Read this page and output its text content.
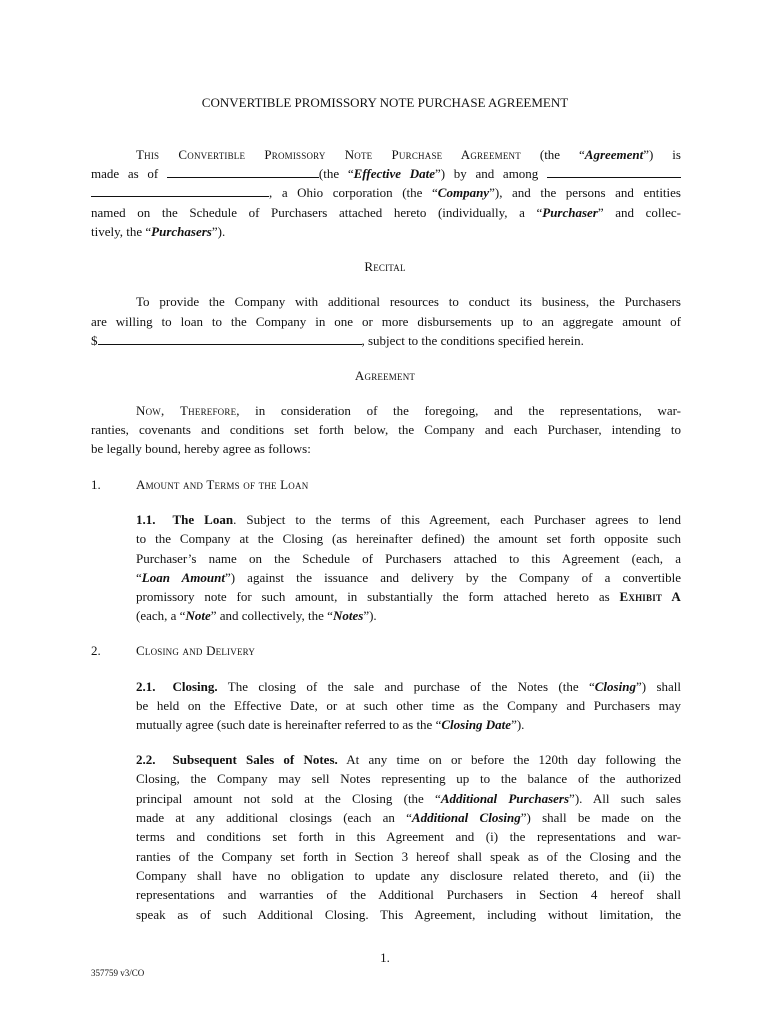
CONVERTIBLE PROMISSORY NOTE PURCHASE AGREEMENT
This Convertible Promissory Note Purchase Agreement (the “Agreement”) is
made as of	(the “Effective Date”) by and among
, a Ohio corporation (the “Company”), and the persons and entities
named on the Schedule of Purchasers attached hereto (individually, a “Purchaser” and collec-
tively, the “Purchasers”).
Recital
To provide the Company with additional resources to conduct its business, the Purchasers
are willing to loan to the Company in one or more disbursements up to an aggregate amount of
$	, subject to the conditions specified herein.
Agreement
Now, Therefore, in consideration of the foregoing, and the representations, war-
ranties, covenants and conditions set forth below, the Company and each Purchaser, intending to
be legally bound, hereby agree as follows:
1.	Amount and Terms of the Loan
1.1. The Loan. Subject to the terms of this Agreement, each Purchaser agrees to lend
to the Company at the Closing (as hereinafter defined) the amount set forth opposite such
Purchaser’s name on the Schedule of Purchasers attached to this Agreement (each, a
“Loan Amount”) against the issuance and delivery by the Company of a convertible
promissory note for such amount, in substantially the form attached hereto as Exhibit A
(each, a “Note” and collectively, the “Notes”).
2.	Closing and Delivery
2.1. Closing. The closing of the sale and purchase of the Notes (the “Closing”) shall
be held on the Effective Date, or at such other time as the Company and Purchasers may
mutually agree (such date is hereinafter referred to as the “Closing Date”).
2.2. Subsequent Sales of Notes. At any time on or before the 120th day following the
Closing, the Company may sell Notes representing up to the balance of the authorized
principal amount not sold at the Closing (the “Additional Purchasers”). All such sales
made at any additional closings (each an “Additional Closing”) shall be made on the
terms and conditions set forth in this Agreement and (i) the representations and war-
ranties of the Company set forth in Section 3 hereof shall speak as of the Closing and the
Company shall have no obligation to update any disclosure related thereto, and (ii) the
representations and warranties of the Additional Purchasers in Section 4 hereof shall
speak as of such Additional Closing. This Agreement, including without limitation, the
1.
357759 v3/CO
